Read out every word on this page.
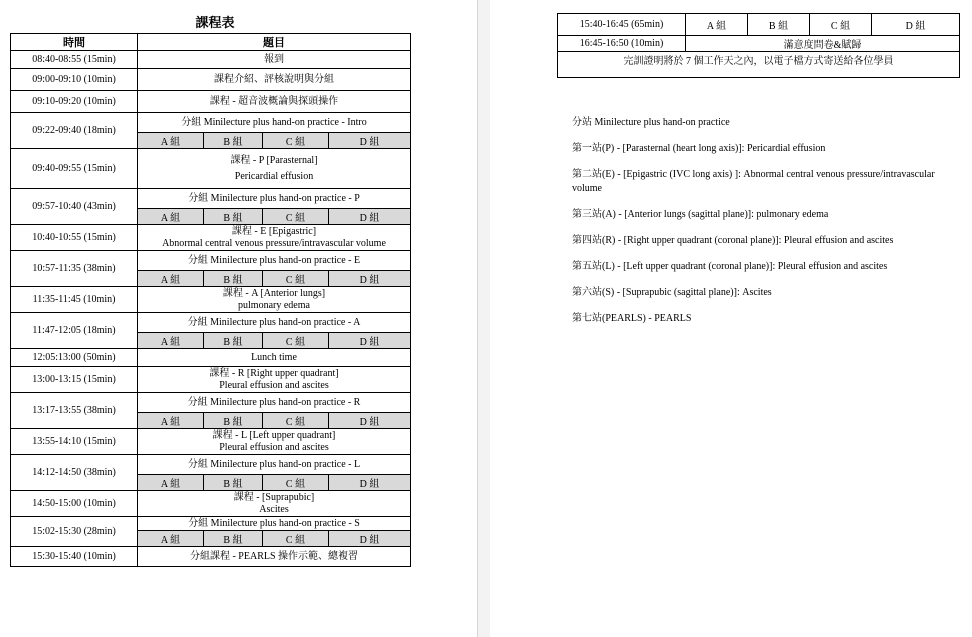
課程表
時間	題目			
08:40-08:55 (15min)	報到			
09:00-09:10 (10min)	課程介紹、評核說明與分組			
09:10-09:20 (10min)	課程 - 超音波概論與探頭操作			
09:22-09:40 (18min)	分組 Minilecture plus hand-on practice - Intro			
	A 組	B 組	C 組	D 組
09:40-09:55 (15min)	課程 - P [Parasternal]
Pericardial effusion			

09:57-10:40 (43min)	分組 Minilecture plus hand-on practice - P			
	A 組	B 組	C 組	D 組
10:40-10:55 (15min)	課程 - E [Epigastric]
Abnormal central venous pressure/intravascular volume			

10:57-11:35 (38min)	分組 Minilecture plus hand-on practice - E			
	A 組	B 組	C 組	D 組
11:35-11:45 (10min)	課程 - A [Anterior lungs]
pulmonary edema			

11:47-12:05 (18min)	分組 Minilecture plus hand-on practice - A			
	A 組	B 組	C 組	D 組
12:05:13:00 (50min)	Lunch time			
13:00-13:15 (15min)	課程 - R [Right upper quadrant]
Pleural effusion and ascites			

13:17-13:55 (38min)	分組 Minilecture plus hand-on practice - R			
	A 組	B 組	C 組	D 組
13:55-14:10 (15min)	課程 - L [Left upper quadrant]
Pleural effusion and ascites			

14:12-14:50 (38min)	分組 Minilecture plus hand-on practice - L			
	A 組	B 組	C 組	D 組
14:50-15:00 (10min)	課程 - [Suprapubic]
Ascites			

15:02-15:30 (28min)	分組 Minilecture plus hand-on practice - S			
	A 組	B 組	C 組	D 組
15:30-15:40 (10min)	分組課程 - PEARLS 操作示範、總複習			
15:40-16:45 (65min)	A 組	B 組	C 組	D 組
16:45-16:50 (10min)	滿意度問卷&賦歸			
完訓證明將於 7 個工作天之內，以電子檔方式寄送給各位學員				

分站 Minilecture plus hand-on practice

第一站(P) - [Parasternal (heart long axis)]: Pericardial effusion

第二站(E) - [Epigastric (IVC long axis) ]: Abnormal central venous pressure/intravascular volume

第三站(A) - [Anterior lungs (sagittal plane)]: pulmonary edema

第四站(R) - [Right upper quadrant (coronal plane)]: Pleural effusion and ascites

第五站(L) - [Left upper quadrant (coronal plane)]: Pleural effusion and ascites

第六站(S) - [Suprapubic (sagittal plane)]: Ascites

第七站(PEARLS) - PEARLS
